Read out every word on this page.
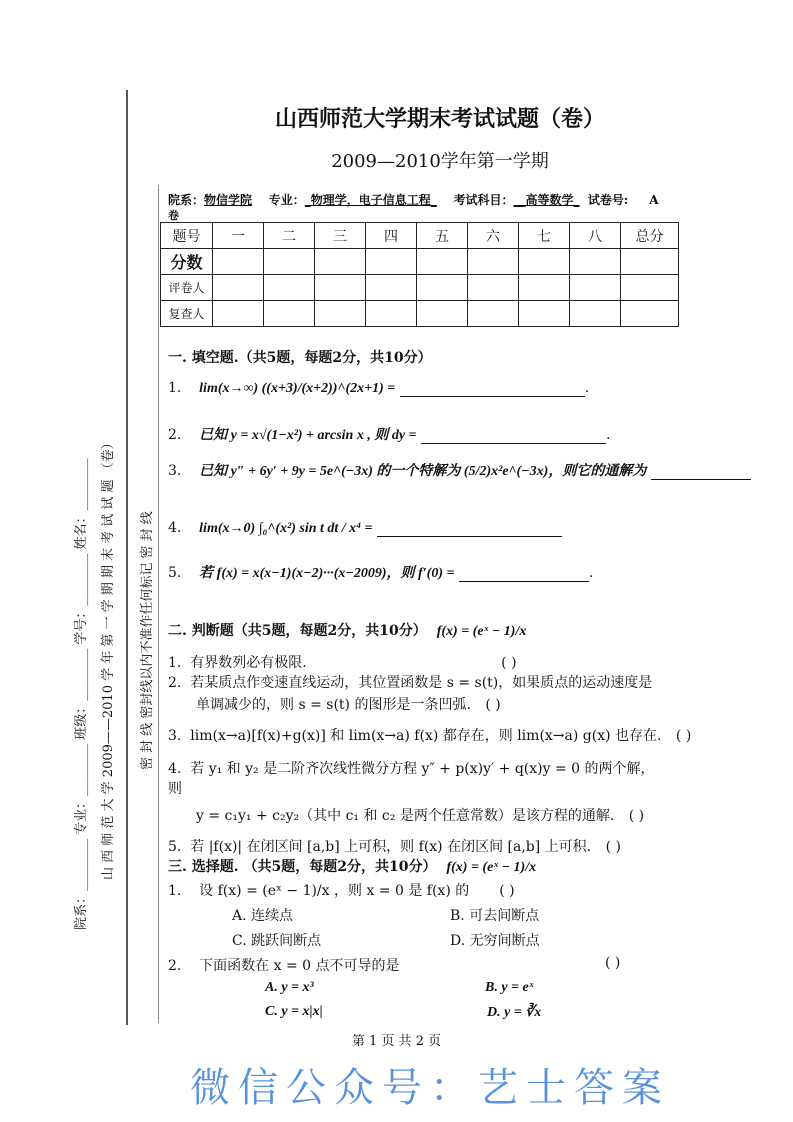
院系：________ 专业：________ 班级：________ 学号：________ 姓名：________ 山 西 师 范 大 学 2009——2010 学 年 第 一 学 期 期 末 考 试 试 题 （卷）	密 封 线 密封线以内不准作任何标记 密 封 线
山西师范大学期末考试试题（卷）
2009—2010学年第一学期
院系：物信学院 专业：_物理学，电子信息工程_ 考试科目：__高等数学_ 试卷号: A
卷
题号	一	二	三	四	五	六	七	八	总分
分数									
评卷人									
复查人									
一. 填空题.（共5题，每题2分，共10分）
1. lim(x→∞) ((x+3)/(x+2))^(2x+1) =	.
2. 已知 y = x√(1−x²) + arcsin x , 则 dy =	.
3. 已知 y″ + 6y′ + 9y = 5e^(−3x) 的一个特解为 (5/2)x²e^(−3x)，则它的通解为
4. lim(x→0) ∫₀^(x²) sin t dt / x⁴ =
5. 若 f(x) = x(x−1)(x−2)···(x−2009)，则 f′(0) =	.
二. 判断题（共5题，每题2分，共10分） f(x) = (eˣ − 1)/x
1. 有界数列必有极限.	( )
2. 若某质点作变速直线运动，其位置函数是 s = s(t)，如果质点的运动速度是
单调减少的，则 s = s(t) 的图形是一条凹弧. ( )
3. lim(x→a)[f(x)+g(x)] 和 lim(x→a) f(x) 都存在，则 lim(x→a) g(x) 也存在. ( )
4. 若 y₁ 和 y₂ 是二阶齐次线性微分方程 y″ + p(x)y′ + q(x)y = 0 的两个解，
则
y = c₁y₁ + c₂y₂（其中 c₁ 和 c₂ 是两个任意常数）是该方程的通解. ( )
5. 若 |f(x)| 在闭区间 [a,b] 上可积，则 f(x) 在闭区间 [a,b] 上可积. ( )
三. 选择题. （共5题，每题2分，共10分） f(x) = (eˣ − 1)/x
1. 设 f(x) = (eˣ − 1)/x ，则 x = 0 是 f(x) 的 ( )
A. 连续点	B. 可去间断点
C. 跳跃间断点	D. 无穷间断点
2. 下面函数在 x = 0 点不可导的是	( )
A. y = x³	B. y = eˣ
C. y = x|x|	D. y = ∛x
第 1 页 共 2 页
微信公众号：艺士答案
